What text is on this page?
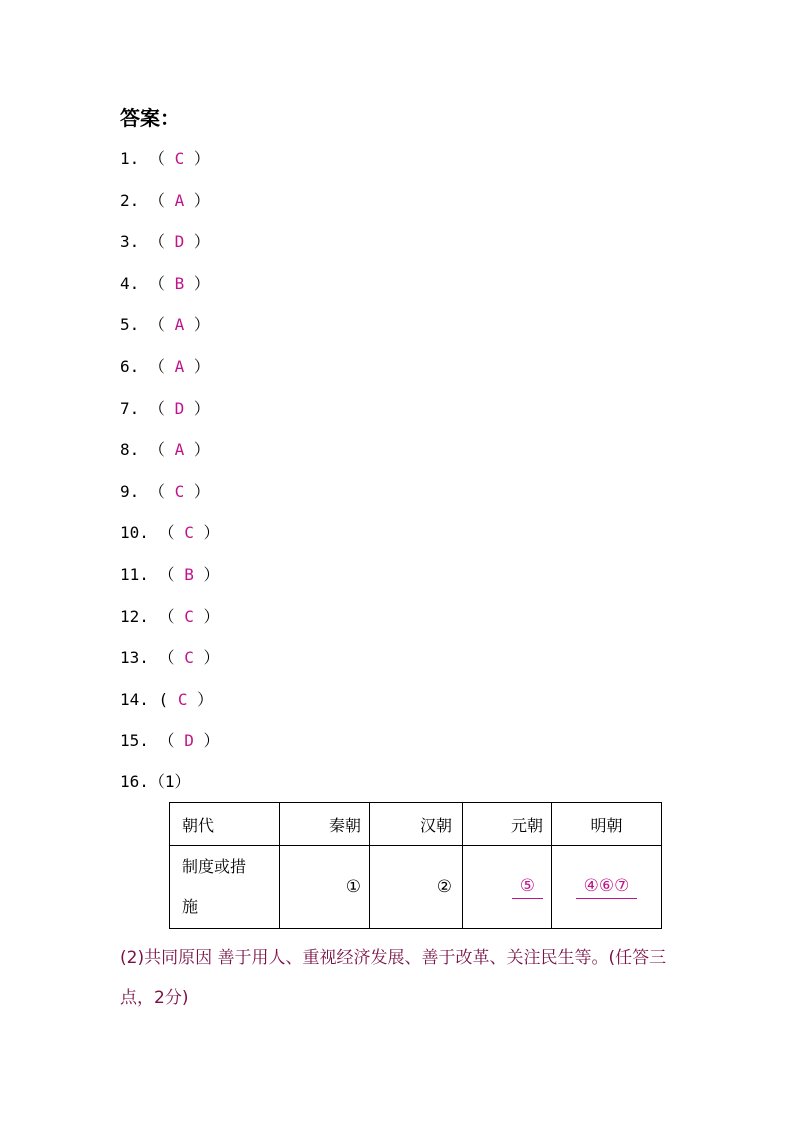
答案：
1. （ C ）
2. （ A ）
3. （ D ）
4. （ B ）
5. （ A ）
6. （ A ）
7. （ D ）
8. （ A ）
9. （ C ）
10. （ C ）
11. （ B ）
12. （ C ）
13. （ C ）
14. ( C ）
15. （ D ）
16.（1）
朝代	秦朝	汉朝	元朝	明朝

制度或措
施	①	②	⑤	④⑥⑦
(2)共同原因 善于用人、重视经济发展、善于改革、关注民生等。(任答三点，2分)
